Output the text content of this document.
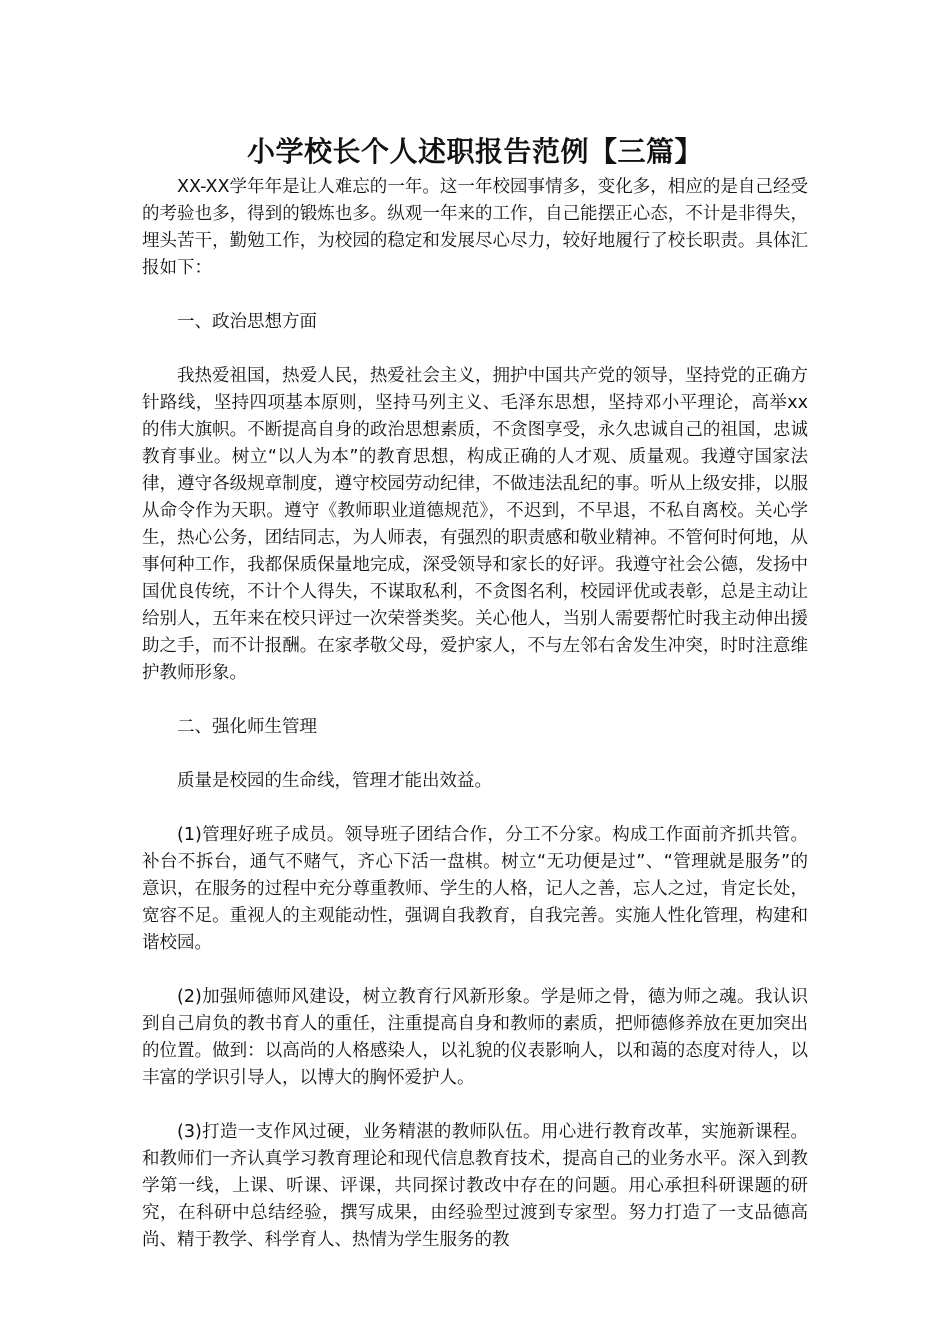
小学校长个人述职报告范例【三篇】

XX-XX学年年是让人难忘的一年。这一年校园事情多，变化多，相应的是自己经受的考验也多，得到的锻炼也多。纵观一年来的工作，自己能摆正心态，不计是非得失，埋头苦干，勤勉工作，为校园的稳定和发展尽心尽力，较好地履行了校长职责。具体汇报如下：

一、政治思想方面

我热爱祖国，热爱人民，热爱社会主义，拥护中国共产党的领导，坚持党的正确方针路线，坚持四项基本原则，坚持马列主义、毛泽东思想，坚持邓小平理论，高举xx的伟大旗帜。不断提高自身的政治思想素质，不贪图享受，永久忠诚自己的祖国，忠诚教育事业。树立“以人为本”的教育思想，构成正确的人才观、质量观。我遵守国家法律，遵守各级规章制度，遵守校园劳动纪律，不做违法乱纪的事。听从上级安排，以服从命令作为天职。遵守《教师职业道德规范》，不迟到，不早退，不私自离校。关心学生，热心公务，团结同志，为人师表，有强烈的职责感和敬业精神。不管何时何地，从事何种工作，我都保质保量地完成，深受领导和家长的好评。我遵守社会公德，发扬中国优良传统，不计个人得失，不谋取私利，不贪图名利，校园评优或表彰，总是主动让给别人，五年来在校只评过一次荣誉类奖。关心他人，当别人需要帮忙时我主动伸出援助之手，而不计报酬。在家孝敬父母，爱护家人，不与左邻右舍发生冲突，时时注意维护教师形象。

二、强化师生管理

质量是校园的生命线，管理才能出效益。

(1)管理好班子成员。领导班子团结合作，分工不分家。构成工作面前齐抓共管。补台不拆台，通气不赌气，齐心下活一盘棋。树立“无功便是过”、“管理就是服务”的意识，在服务的过程中充分尊重教师、学生的人格，记人之善，忘人之过，肯定长处，宽容不足。重视人的主观能动性，强调自我教育，自我完善。实施人性化管理，构建和谐校园。

(2)加强师德师风建设，树立教育行风新形象。学是师之骨，德为师之魂。我认识到自己肩负的教书育人的重任，注重提高自身和教师的素质，把师德修养放在更加突出的位置。做到：以高尚的人格感染人，以礼貌的仪表影响人，以和蔼的态度对待人，以丰富的学识引导人，以博大的胸怀爱护人。

(3)打造一支作风过硬，业务精湛的教师队伍。用心进行教育改革，实施新课程。和教师们一齐认真学习教育理论和现代信息教育技术，提高自己的业务水平。深入到教学第一线，上课、听课、评课，共同探讨教改中存在的问题。用心承担科研课题的研究，在科研中总结经验，撰写成果，由经验型过渡到专家型。努力打造了一支品德高尚、精于教学、科学育人、热情为学生服务的教
